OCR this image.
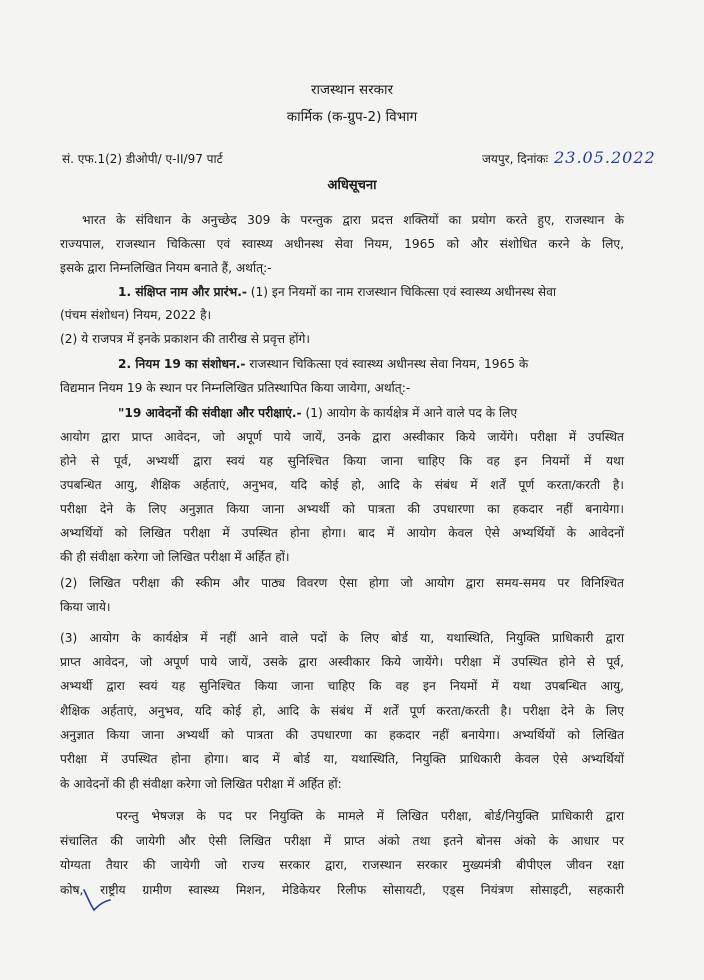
राजस्थान सरकार
कार्मिक (क-ग्रुप-2) विभाग
सं. एफ.1(2) डीओपी/ ए-II/97 पार्ट	जयपुर, दिनांकः 23.05.2022
अधिसूचना
भारत के संविधान के अनुच्छेद 309 के परन्तुक द्वारा प्रदत्त शक्तियों का प्रयोग करते हुए, राजस्थान के
राज्यपाल, राजस्थान चिकित्सा एवं स्वास्थ्य अधीनस्थ सेवा नियम, 1965 को और संशोधित करने के लिए,
इसके द्वारा निम्नलिखित नियम बनाते हैं, अर्थात्:-
1. संक्षिप्त नाम और प्रारंभ.- (1) इन नियमों का नाम राजस्थान चिकित्सा एवं स्वास्थ्य अधीनस्थ सेवा
(पंचम संशोधन) नियम, 2022 है।
(2) ये राजपत्र में इनके प्रकाशन की तारीख से प्रवृत्त होंगे।
2. नियम 19 का संशोधन.- राजस्थान चिकित्सा एवं स्वास्थ्य अधीनस्थ सेवा नियम, 1965 के
विद्यमान नियम 19 के स्थान पर निम्नलिखित प्रतिस्थापित किया जायेगा, अर्थात्:-
"19 आवेदनों की संवीक्षा और परीक्षाएं.- (1) आयोग के कार्यक्षेत्र में आने वाले पद के लिए
आयोग द्वारा प्राप्त आवेदन, जो अपूर्ण पाये जायें, उनके द्वारा अस्वीकार किये जायेंगे। परीक्षा में उपस्थित
होने से पूर्व, अभ्यर्थी द्वारा स्वयं यह सुनिश्चित किया जाना चाहिए कि वह इन नियमों में यथा
उपबन्धित आयु, शैक्षिक अर्हताएं, अनुभव, यदि कोई हो, आदि के संबंध में शर्तें पूर्ण करता/करती है।
परीक्षा देने के लिए अनुज्ञात किया जाना अभ्यर्थी को पात्रता की उपधारणा का हकदार नहीं बनायेगा।
अभ्यर्थियों को लिखित परीक्षा में उपस्थित होना होगा। बाद में आयोग केवल ऐसे अभ्यर्थियों के आवेदनों
की ही संवीक्षा करेगा जो लिखित परीक्षा में अर्हित हों।
(2) लिखित परीक्षा की स्कीम और पाठ्य विवरण ऐसा होगा जो आयोग द्वारा समय-समय पर विनिश्चित
किया जाये।
(3) आयोग के कार्यक्षेत्र में नहीं आने वाले पदों के लिए बोर्ड या, यथास्थिति, नियुक्ति प्राधिकारी द्वारा
प्राप्त आवेदन, जो अपूर्ण पाये जायें, उसके द्वारा अस्वीकार किये जायेंगे। परीक्षा में उपस्थित होने से पूर्व,
अभ्यर्थी द्वारा स्वयं यह सुनिश्चित किया जाना चाहिए कि वह इन नियमों में यथा उपबन्धित आयु,
शैक्षिक अर्हताएं, अनुभव, यदि कोई हो, आदि के संबंध में शर्तें पूर्ण करता/करती है। परीक्षा देने के लिए
अनुज्ञात किया जाना अभ्यर्थी को पात्रता की उपधारणा का हकदार नहीं बनायेगा। अभ्यर्थियों को लिखित
परीक्षा में उपस्थित होना होगा। बाद में बोर्ड या, यथास्थिति, नियुक्ति प्राधिकारी केवल ऐसे अभ्यर्थियों
के आवेदनों की ही संवीक्षा करेगा जो लिखित परीक्षा में अर्हित हों:
परन्तु भेषजज्ञ के पद पर नियुक्ति के मामले में लिखित परीक्षा, बोर्ड/नियुक्ति प्राधिकारी द्वारा
संचालित की जायेगी और ऐसी लिखित परीक्षा में प्राप्त अंको तथा इतने बोनस अंको के आधार पर
योग्यता तैयार की जायेगी जो राज्य सरकार द्वारा, राजस्थान सरकार मुख्यमंत्री बीपीएल जीवन रक्षा
कोष, राष्ट्रीय ग्रामीण स्वास्थ्य मिशन, मेडिकेयर रिलीफ सोसायटी, एड्स नियंत्रण सोसाइटी, सहकारी
